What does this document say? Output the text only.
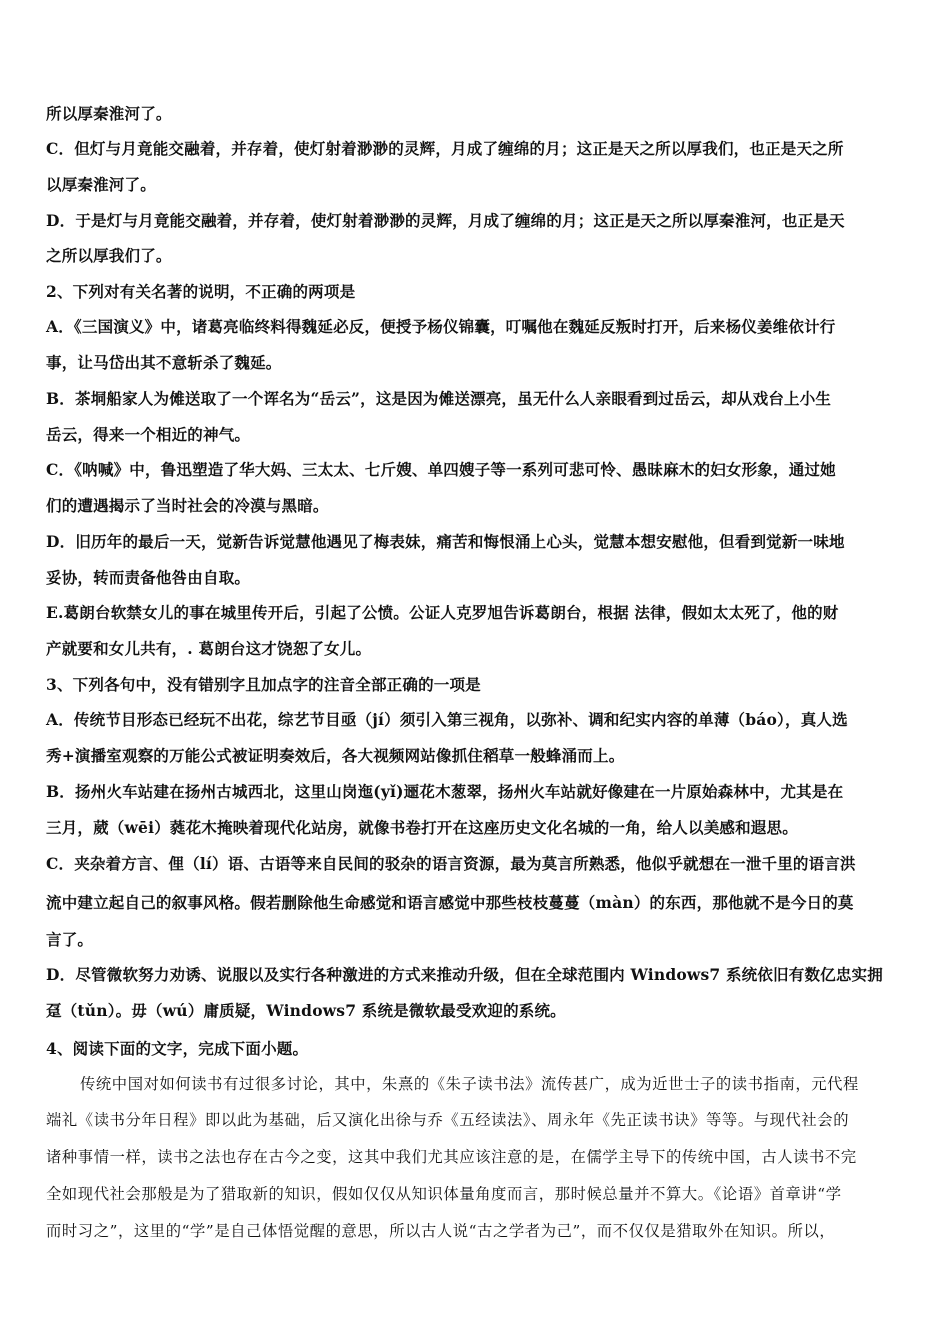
所以厚秦淮河了。
C．但灯与月竟能交融着，并存着，使灯射着渺渺的灵辉，月成了缠绵的月；这正是天之所以厚我们，也正是天之所
以厚秦淮河了。
D．于是灯与月竟能交融着，并存着，使灯射着渺渺的灵辉，月成了缠绵的月；这正是天之所以厚秦淮河，也正是天
之所以厚我们了。
2、下列对有关名著的说明，不正确的两项是
A．《三国演义》中，诸葛亮临终料得魏延必反，便授予杨仪锦囊，叮嘱他在魏延反叛时打开，后来杨仪姜维依计行
事，让马岱出其不意斩杀了魏延。
B．茶垌船家人为傩送取了一个诨名为“岳云”，这是因为傩送漂亮，虽无什么人亲眼看到过岳云，却从戏台上小生
岳云，得来一个相近的神气。
C．《呐喊》中，鲁迅塑造了华大妈、三太太、七斤嫂、单四嫂子等一系列可悲可怜、愚昧麻木的妇女形象，通过她
们的遭遇揭示了当时社会的冷漠与黑暗。
D．旧历年的最后一天，觉新告诉觉慧他遇见了梅表妹，痛苦和悔恨涌上心头，觉慧本想安慰他，但看到觉新一味地
妥协，转而责备他咎由自取。
E.葛朗台软禁女儿的事在城里传开后，引起了公愤。公证人克罗旭告诉葛朗台，根据 法律，假如太太死了，他的财
产就要和女儿共有，. 葛朗台这才饶恕了女儿。
3、下列各句中，没有错别字且加点字的注音全部正确的一项是
A．传统节目形态已经玩不出花，综艺节目亟（jí）须引入第三视角，以弥补、调和纪实内容的单薄（báo），真人选
秀+演播室观察的万能公式被证明奏效后，各大视频网站像抓住稻草一般蜂涌而上。
B．扬州火车站建在扬州古城西北，这里山岗迤(yǐ)逦花木葱翠，扬州火车站就好像建在一片原始森林中，尤其是在
三月，葳（wēi）蕤花木掩映着现代化站房，就像书卷打开在这座历史文化名城的一角，给人以美感和遐思。
C．夹杂着方言、俚（lí）语、古语等来自民间的驳杂的语言资源，最为莫言所熟悉，他似乎就想在一泄千里的语言洪
流中建立起自己的叙事风格。假若删除他生命感觉和语言感觉中那些枝枝蔓蔓（màn）的东西，那他就不是今日的莫
言了。
D．尽管微软努力劝诱、说服以及实行各种激进的方式来推动升级，但在全球范围内 Windows7 系统依旧有数亿忠实拥
趸（tǔn）。毋（wú）庸质疑，Windows7 系统是微软最受欢迎的系统。
4、阅读下面的文字，完成下面小题。
传统中国对如何读书有过很多讨论，其中，朱熹的《朱子读书法》流传甚广，成为近世士子的读书指南，元代程
端礼《读书分年日程》即以此为基础，后又演化出徐与乔《五经读法》、周永年《先正读书诀》等等。与现代社会的
诸种事情一样，读书之法也存在古今之变，这其中我们尤其应该注意的是，在儒学主导下的传统中国，古人读书不完
全如现代社会那般是为了猎取新的知识，假如仅仅从知识体量角度而言，那时候总量并不算大。《论语》首章讲“学
而时习之”，这里的“学”是自己体悟觉醒的意思，所以古人说“古之学者为己”，而不仅仅是猎取外在知识。所以，
